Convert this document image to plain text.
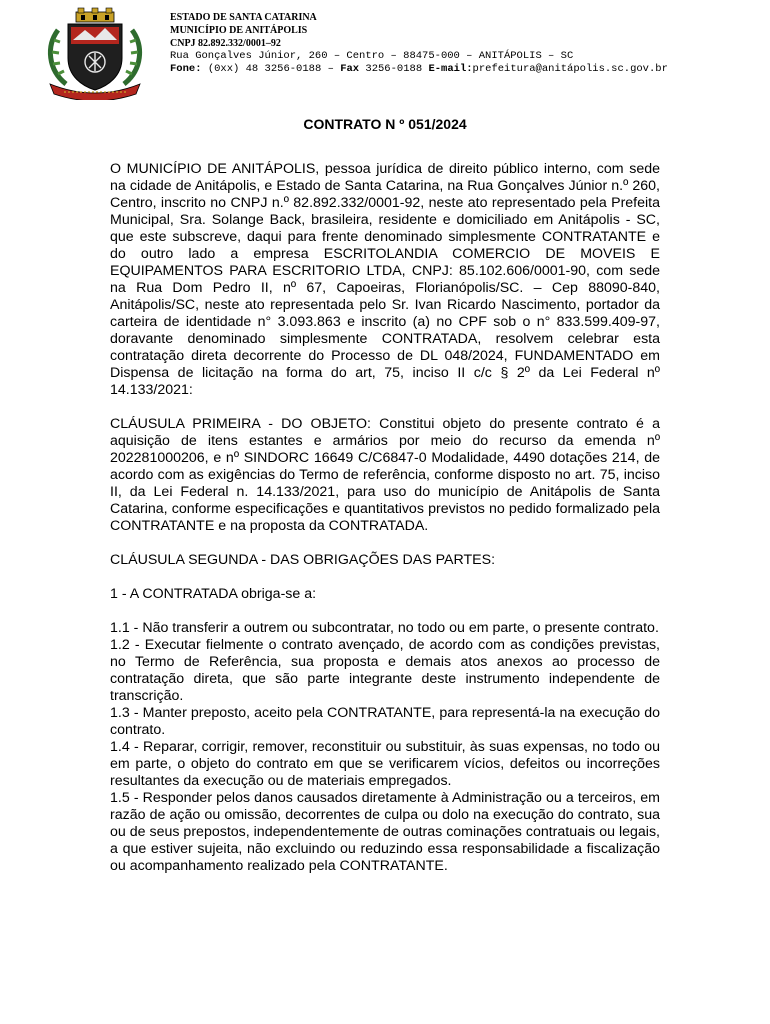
ESTADO DE SANTA CATARINA
MUNICÍPIO DE ANITÁPOLIS
CNPJ 82.892.332/0001–92
Rua Gonçalves Júnior, 260 – Centro – 88475-000 – ANITÁPOLIS – SC
Fone: (0xx) 48 3256-0188 – Fax 3256-0188 E-mail:prefeitura@anitápolis.sc.gov.br
CONTRATO N º 051/2024

O MUNICÍPIO DE ANITÁPOLIS, pessoa jurídica de direito público interno, com sede na cidade de Anitápolis, e Estado de Santa Catarina, na Rua Gonçalves Júnior n.º 260, Centro, inscrito no CNPJ n.º 82.892.332/0001-92, neste ato representado pela Prefeita Municipal, Sra. Solange Back, brasileira, residente e domiciliado em Anitápolis - SC, que este subscreve, daqui para frente denominado simplesmente CONTRATANTE e do outro lado a empresa ESCRITOLANDIA COMERCIO DE MOVEIS E EQUIPAMENTOS PARA ESCRITORIO LTDA, CNPJ: 85.102.606/0001-90, com sede na Rua Dom Pedro II, nº 67, Capoeiras, Florianópolis/SC. – Cep 88090-840, Anitápolis/SC, neste ato representada pelo Sr. Ivan Ricardo Nascimento, portador da carteira de identidade n° 3.093.863 e inscrito (a) no CPF sob o n° 833.599.409-97, doravante denominado simplesmente CONTRATADA, resolvem celebrar esta contratação direta decorrente do Processo de DL 048/2024, FUNDAMENTADO em Dispensa de licitação na forma do art, 75, inciso II c/c § 2º da Lei Federal nº 14.133/2021:

CLÁUSULA PRIMEIRA - DO OBJETO: Constitui objeto do presente contrato é a aquisição de itens estantes e armários por meio do recurso da emenda nº 202281000206, e nº SINDORC 16649 C/C6847-0 Modalidade, 4490 dotações 214, de acordo com as exigências do Termo de referência, conforme disposto no art. 75, inciso II, da Lei Federal n. 14.133/2021, para uso do município de Anitápolis de Santa Catarina, conforme especificações e quantitativos previstos no pedido formalizado pela CONTRATANTE e na proposta da CONTRATADA.

CLÁUSULA SEGUNDA - DAS OBRIGAÇÕES DAS PARTES:

1 - A CONTRATADA obriga-se a:

1.1 - Não transferir a outrem ou subcontratar, no todo ou em parte, o presente contrato.

1.2 - Executar fielmente o contrato avençado, de acordo com as condições previstas, no Termo de Referência, sua proposta e demais atos anexos ao processo de contratação direta, que são parte integrante deste instrumento independente de transcrição.

1.3 - Manter preposto, aceito pela CONTRATANTE, para representá-la na execução do contrato.

1.4 - Reparar, corrigir, remover, reconstituir ou substituir, às suas expensas, no todo ou em parte, o objeto do contrato em que se verificarem vícios, defeitos ou incorreções resultantes da execução ou de materiais empregados.

1.5 - Responder pelos danos causados diretamente à Administração ou a terceiros, em razão de ação ou omissão, decorrentes de culpa ou dolo na execução do contrato, sua ou de seus prepostos, independentemente de outras cominações contratuais ou legais, a que estiver sujeita, não excluindo ou reduzindo essa responsabilidade a fiscalização ou acompanhamento realizado pela CONTRATANTE.
